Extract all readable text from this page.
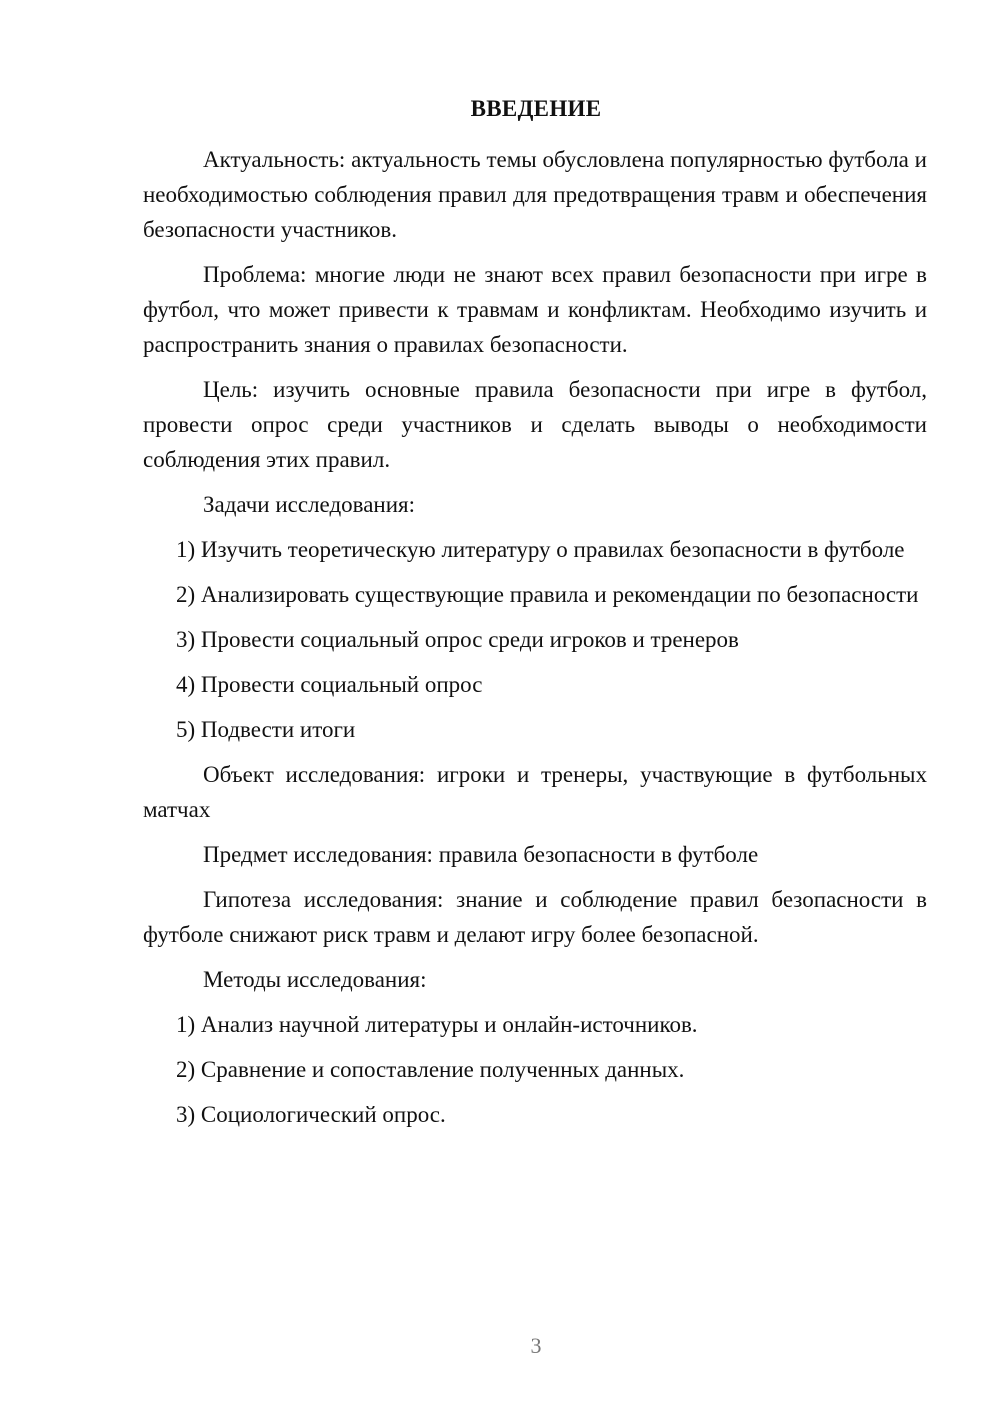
ВВЕДЕНИЕ

Актуальность: актуальность темы обусловлена популярностью футбола и необходимостью соблюдения правил для предотвращения травм и обеспечения безопасности участников.

Проблема: многие люди не знают всех правил безопасности при игре в футбол, что может привести к травмам и конфликтам. Необходимо изучить и распространить знания о правилах безопасности.

Цель: изучить основные правила безопасности при игре в футбол, провести опрос среди участников и сделать выводы о необходимости соблюдения этих правил.

Задачи исследования:

1) Изучить теоретическую литературу о правилах безопасности в футболе

2) Анализировать существующие правила и рекомендации по безопасности

3) Провести социальный опрос среди игроков и тренеров

4) Провести социальный опрос

5) Подвести итоги

Объект исследования: игроки и тренеры, участвующие в футбольных матчах

Предмет исследования: правила безопасности в футболе

Гипотеза исследования: знание и соблюдение правил безопасности в футболе снижают риск травм и делают игру более безопасной.

Методы исследования:

1) Анализ научной литературы и онлайн-источников.

2) Сравнение и сопоставление полученных данных.

3) Социологический опрос.

3
